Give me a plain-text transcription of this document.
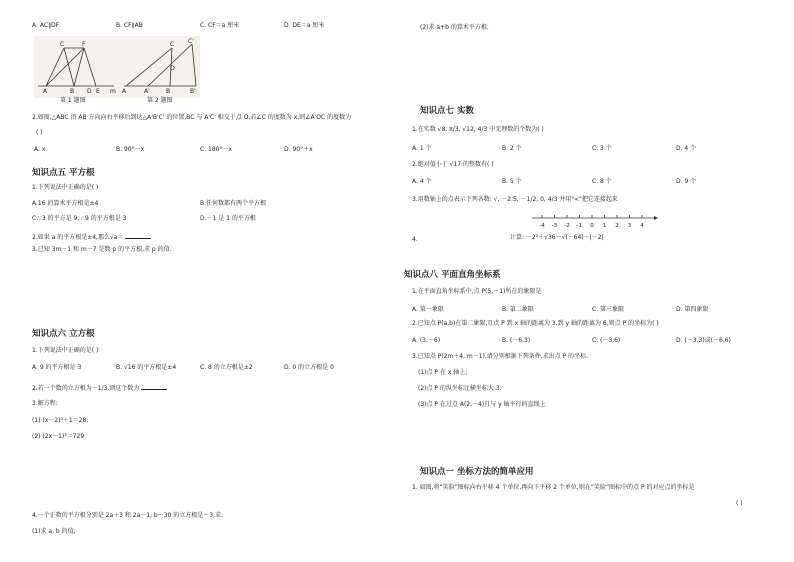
A. AC∥DF	B. CF∥AB	C. CF＝a 厘米	D. DE＝a 厘米
C	F
A	B D E m
第 1 题图
C C'
O
A	A'	B	B'
第 2 题图
2.如图,△ABC 沿 AB 方向向右平移后到达△A'B'C' 的位置,BC 与 A'C' 相交于点 O,若∠C 的度数为 x,则∠A'OC 的度数为
( )
A. x	B. 90°－x	C. 180°－x	D. 90°＋x
知识点五 平方根
1.下列说法中正确的是( )
A.16 的算术平方根是±4	B.任何数都有两个平方根
C.∵3 的平方是 9, ∴9 的平方根是 3	D.－1 是 1 的平方根
2.如果 a 的平方根是±4,那么√a＝
3.已知 3m－1 和 m－7 是数 p 的平方根,求 p 的值.
知识点六 立方根
1.下列说法中正确的是( )
A. 9 的平方根是 3	B. √16 的平方根是±4	C. 8 的立方根是±2	D. 0 的立方根是 0
2.若一个数的立方根为－1/3,则这个数为
3.解方程:
(1) (x－2)³＋1＝28;
(2) (2x－1)³＝729
4.一个正数的平方根分别是 2a＋3 和 2a－1, b－30 的立方根是－3,求:
(1)求 a, b 的值;
(2)求 a+b 的算术平方根.
知识点七 实数
1.在实数 √8, π/3, √12, 4/3 中无理数的个数为( )
A. 1 个	B. 2 个	C. 3 个	D. 4 个
2.绝对值小于 √17 的整数有( )
A. 4 个	B. 5 个	C. 8 个	D. 9 个
3.用数轴上的点表示下列各数: √, －2.5, －1/2, 0, 4/3 并用"<"把它连接起来
-4 -3 -2 -1 0 1 2 3 4
4.	计算: －2²＋√36－√(－64)－|－2|
知识点八 平面直角坐标系
1.在平面直角坐标系中,点 P(5,－1)所在的象限是
A. 第一象限	B. 第二象限	C. 第三象限	D. 第四象限
2.已知点 P(a,b)在第二象限,且点 P 到 x 轴的距离为 3,到 y 轴的距离为 6,则点 P 的坐标为( )
A. (3,－6)	B. (－6,3)	C. (－3,6)	D. (－3,3)或(－6,6)
3.已知点 P(2m＋4, m－1),请分别根据下列条件,求出点 P 的坐标.
(1)点 P 在 x 轴上;
(2)点 P 的纵坐标比横坐标大 3;
(3)点 P 在过点 A(2,－4)且与 y 轴平行的直线上
知识点一 坐标方法的简单应用
1. 如图,将“笑脸”图标向右平移 4 个单位,再向下平移 2 个单位,则在“笑脸”图标中的点 P 的对应点的坐标是
( )
